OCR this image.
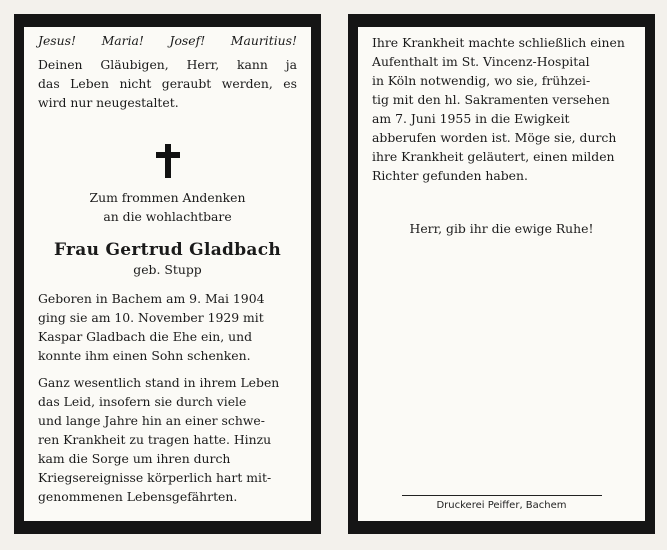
Jesus! Maria! Josef! Mauritius!
Deinen Gläubigen, Herr, kann ja
das Leben nicht geraubt werden, es
wird nur neugestaltet.
Zum frommen Andenken
an die wohlachtbare
Frau Gertrud Gladbach
geb. Stupp
Geboren in Bachem am 9. Mai 1904
ging sie am 10. November 1929 mit
Kaspar Gladbach die Ehe ein, und
konnte ihm einen Sohn schenken.
Ganz wesentlich stand in ihrem Leben
das Leid, insofern sie durch viele
und lange Jahre hin an einer schwe-
ren Krankheit zu tragen hatte. Hinzu
kam die Sorge um ihren durch
Kriegsereignisse körperlich hart mit-
genommenen Lebensgefährten.
Ihre Krankheit machte schließlich einen
Aufenthalt im St. Vincenz-Hospital
in Köln notwendig, wo sie, frühzei-
tig mit den hl. Sakramenten versehen
am 7. Juni 1955 in die Ewigkeit
abberufen worden ist. Möge sie, durch
ihre Krankheit geläutert, einen milden
Richter gefunden haben.
Herr, gib ihr die ewige Ruhe!
Druckerei Peiffer, Bachem
